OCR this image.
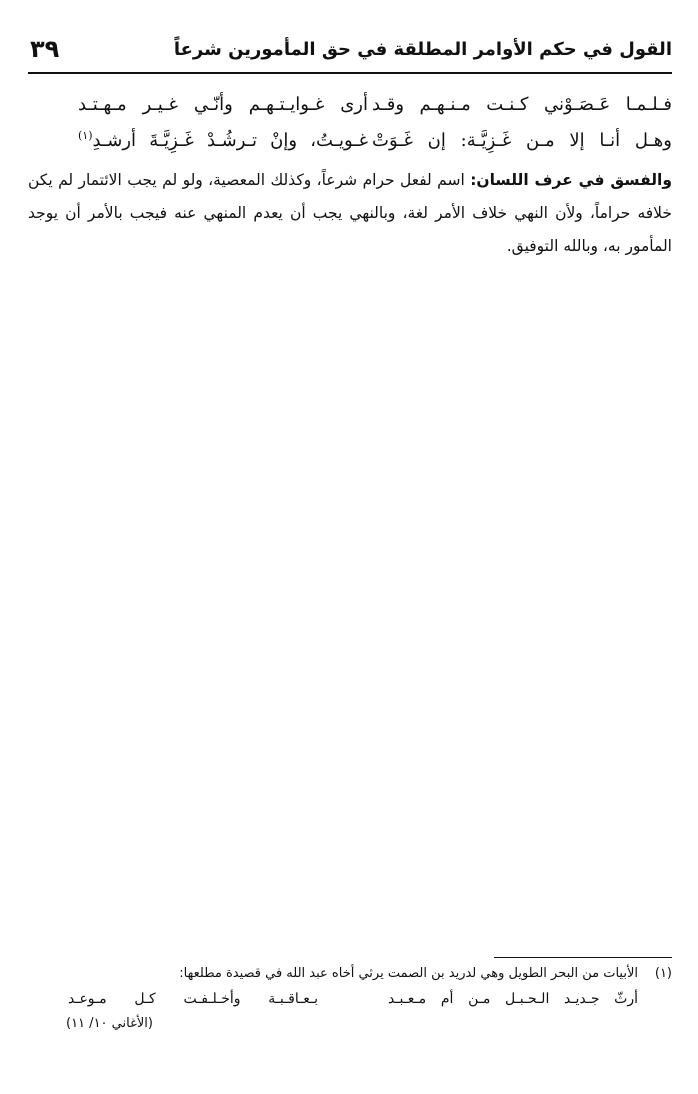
القول في حكم الأوامر المطلقة في حق المأمورين شرعاً
٣٩
فـلـمـا عَـصَـوْني كـنـت مـنـهـم وقـد
أرى غـوايـتـهـم وأنّـي غـيـر مـهـتـد
وهـل أنـا إلا مـن غَـزِيَّـة: إن غَـوَتْ
غـويـتُ، وإنْ تـرشُـدْ غَـزِيَّـةَ أرشـدِ$^{(١)}$
والفسق في عرف اللسان: اسم لفعل حرام شرعاً، وكذلك المعصية، ولو لم يجب الائتمار لم يكن خلافه حراماً، ولأن النهي خلاف الأمر لغة، وبالنهي يجب أن يعدم المنهي عنه فيجب بالأمر أن يوجد المأمور به، وبالله التوفيق.
(١)
الأبيات من البحر الطويل وهي لدريد بن الصمت يرثي أخاه عبد الله في قصيدة مطلعها:
أرثّ جـديـد الـحـبـل مـن أم مـعـبـد
بـعـاقـبـة وأخـلـفـت كـل مـوعـد
(الأغاني ١٠/ ١١)
